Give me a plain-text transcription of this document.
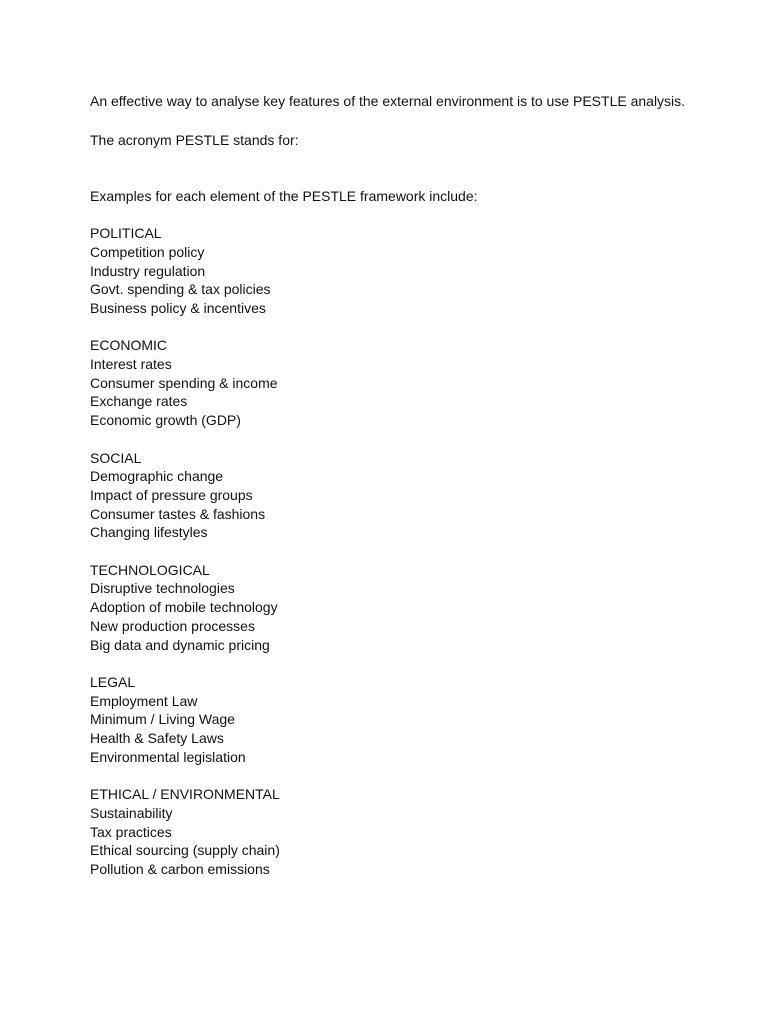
An effective way to analyse key features of the external environment is to use PESTLE analysis.

The acronym PESTLE stands for:

Examples for each element of the PESTLE framework include:

POLITICAL
Competition policy
Industry regulation
Govt. spending & tax policies
Business policy & incentives
ECONOMIC
Interest rates
Consumer spending & income
Exchange rates
Economic growth (GDP)
SOCIAL
Demographic change
Impact of pressure groups
Consumer tastes & fashions
Changing lifestyles
TECHNOLOGICAL
Disruptive technologies
Adoption of mobile technology
New production processes
Big data and dynamic pricing
LEGAL
Employment Law
Minimum / Living Wage
Health & Safety Laws
Environmental legislation
ETHICAL / ENVIRONMENTAL
Sustainability
Tax practices
Ethical sourcing (supply chain)
Pollution & carbon emissions
